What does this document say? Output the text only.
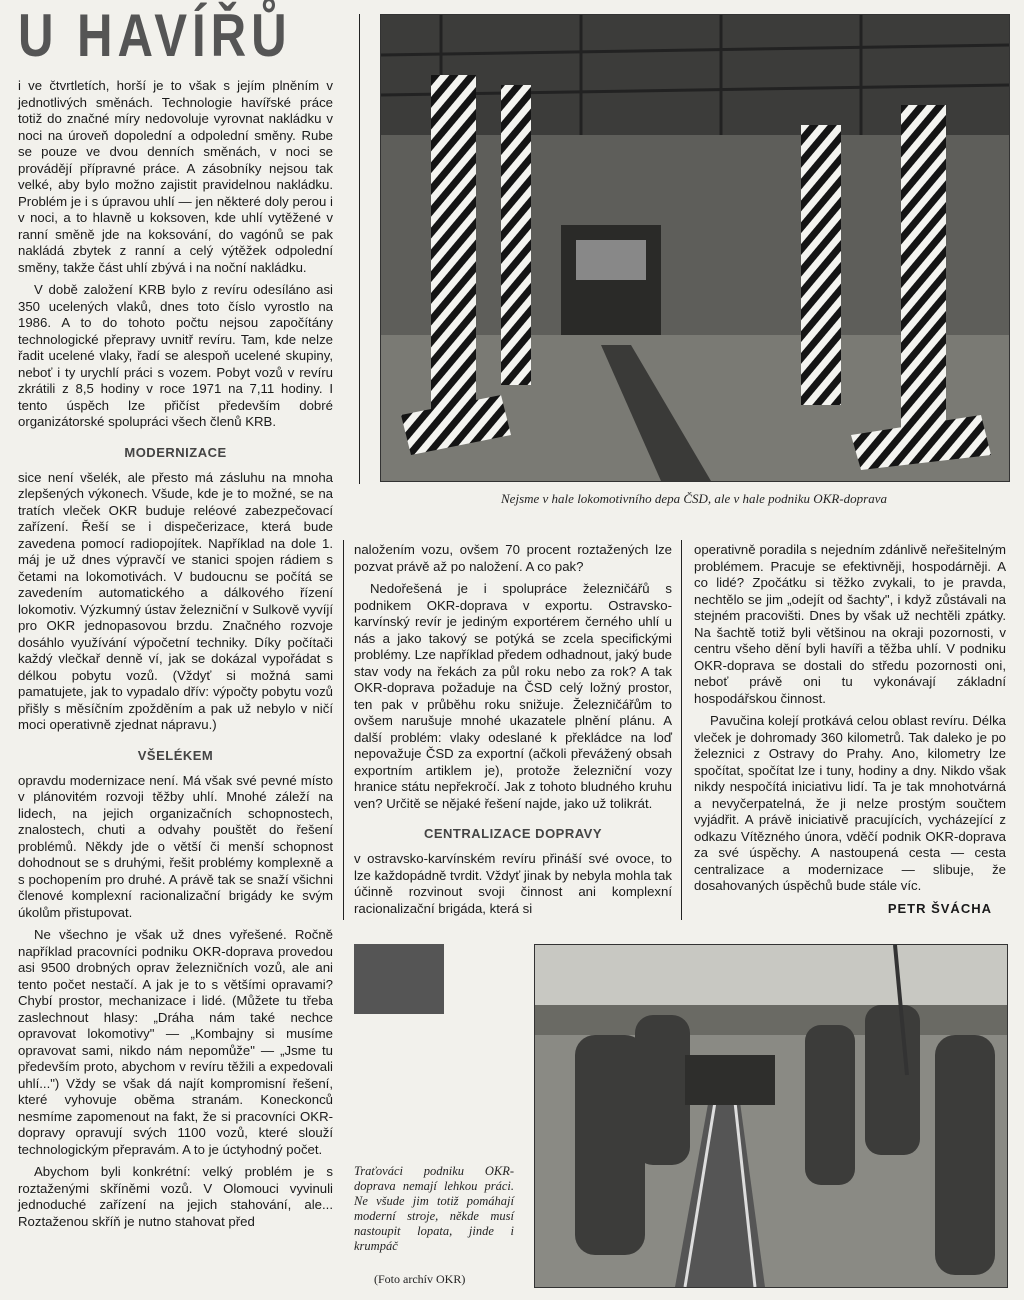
U HAVÍŘŮ

i ve čtvrtletích, horší je to však s jejím plněním v jednotlivých směnách. Technologie havířské práce totiž do značné míry nedovoluje vyrovnat nakládku v noci na úroveň dopolední a odpolední směny. Rube se pouze ve dvou denních směnách, v noci se provádějí přípravné práce. A zásobníky nejsou tak velké, aby bylo možno zajistit pravidelnou nakládku. Problém je i s úpravou uhlí — jen některé doly perou i v noci, a to hlavně u koksoven, kde uhlí vytěžené v ranní směně jde na koksování, do vagónů se pak nakládá zbytek z ranní a celý výtěžek odpolední směny, takže část uhlí zbývá i na noční nakládku.

V době založení KRB bylo z revíru odesíláno asi 350 ucelených vlaků, dnes toto číslo vyrostlo na 1986. A to do tohoto počtu nejsou započítány technologické přepravy uvnitř revíru. Tam, kde nelze řadit ucelené vlaky, řadí se alespoň ucelené skupiny, neboť i ty urychlí práci s vozem. Pobyt vozů v revíru zkrátili z 8,5 hodiny v roce 1971 na 7,11 hodiny. I tento úspěch lze přičíst především dobré organizátorské spolupráci všech členů KRB.

MODERNIZACE

sice není všelék, ale přesto má zásluhu na mnoha zlepšených výkonech. Všude, kde je to možné, se na tratích vleček OKR buduje reléové zabezpečovací zařízení. Řeší se i dispečerizace, která bude zavedena pomocí radiopojítek. Například na dole 1. máj je už dnes výpravčí ve stanici spojen rádiem s četami na lokomotivách. V budoucnu se počítá se zavedením automatického a dálkového řízení lokomotiv. Výzkumný ústav železniční v Sulkově vyvíjí pro OKR jednopasovou brzdu. Značného rozvoje dosáhlo využívání výpočetní techniky. Díky počítači každý vlečkař denně ví, jak se dokázal vypořádat s délkou pobytu vozů. (Vždyť si možná sami pamatujete, jak to vypadalo dřív: výpočty pobytu vozů přišly s měsíčním zpožděním a pak už nebylo v ničí moci operativně zjednat nápravu.)

VŠELÉKEM

opravdu modernizace není. Má však své pevné místo v plánovitém rozvoji těžby uhlí. Mnohé záleží na lidech, na jejich organizačních schopnostech, znalostech, chuti a odvahy pouštět do řešení problémů. Někdy jde o větší či menší schopnost dohodnout se s druhými, řešit problémy komplexně a s pochopením pro druhé. A právě tak se snaží všichni členové komplexní racionalizační brigády ke svým úkolům přistupovat.

Ne všechno je však už dnes vyřešené. Ročně například pracovníci podniku OKR-doprava provedou asi 9500 drobných oprav železničních vozů, ale ani tento počet nestačí. A jak je to s většími opravami? Chybí prostor, mechanizace i lidé. (Můžete tu třeba zaslechnout hlasy: „Dráha nám také nechce opravovat lokomotivy" — „Kombajny si musíme opravovat sami, nikdo nám nepomůže" — „Jsme tu především proto, abychom v revíru těžili a expedovali uhlí...") Vždy se však dá najít kompromisní řešení, které vyhovuje oběma stranám. Koneckonců nesmíme zapomenout na fakt, že si pracovníci OKR-dopravy opravují svých 1100 vozů, které slouží technologickým přepravám. A to je úctyhodný počet.

Abychom byli konkrétní: velký problém je s roztaženými skříněmi vozů. V Olomouci vyvinuli jednoduché zařízení na jejich stahování, ale... Roztaženou skříň je nutno stahovat před

Nejsme v hale lokomotivního depa ČSD, ale v hale podniku OKR-doprava

naložením vozu, ovšem 70 procent roztažených lze pozvat právě až po naložení. A co pak?

Nedořešená je i spolupráce železničářů s podnikem OKR-doprava v exportu. Ostravsko-karvínský revír je jediným exportérem černého uhlí u nás a jako takový se potýká se zcela specifickými problémy. Lze například předem odhadnout, jaký bude stav vody na řekách za půl roku nebo za rok? A tak OKR-doprava požaduje na ČSD celý ložný prostor, ten pak v průběhu roku snižuje. Železničářům to ovšem narušuje mnohé ukazatele plnění plánu. A další problém: vlaky odeslané k překládce na loď nepovažuje ČSD za exportní (ačkoli převážený obsah exportním artiklem je), protože železniční vozy hranice státu nepřekročí. Jak z tohoto bludného kruhu ven? Určitě se nějaké řešení najde, jako už tolikrát.

CENTRALIZACE DOPRAVY

v ostravsko-karvínském revíru přináší své ovoce, to lze každopádně tvrdit. Vždyť jinak by nebyla mohla tak účinně rozvinout svoji činnost ani komplexní racionalizační brigáda, která si

operativně poradila s nejedním zdánlivě neřešitelným problémem. Pracuje se efektivněji, hospodárněji. A co lidé? Zpočátku si těžko zvykali, to je pravda, nechtělo se jim „odejít od šachty", i když zůstávali na stejném pracovišti. Dnes by však už nechtěli zpátky. Na šachtě totiž byli většinou na okraji pozornosti, v centru všeho dění byli havíři a těžba uhlí. V podniku OKR-doprava se dostali do středu pozornosti oni, neboť právě oni tu vykonávají základní hospodářskou činnost.

Pavučina kolejí protkává celou oblast revíru. Délka vleček je dohromady 360 kilometrů. Tak daleko je po železnici z Ostravy do Prahy. Ano, kilometry lze spočítat, spočítat lze i tuny, hodiny a dny. Nikdo však nikdy nespočítá iniciativu lidí. Ta je tak mnohotvárná a nevyčerpatelná, že ji nelze prostým součtem vyjádřit. A právě iniciativě pracujících, vycházející z odkazu Vítězného února, vděčí podnik OKR-doprava za své úspěchy. A nastoupená cesta — cesta centralizace a modernizace — slibuje, že dosahovaných úspěchů bude stále víc.

PETR ŠVÁCHA
Traťováci podniku OKR-doprava nemají lehkou práci. Ne všude jim totiž pomáhají moderní stroje, někde musí nastoupit lopata, jinde i krumpáč
(Foto archív OKR)
